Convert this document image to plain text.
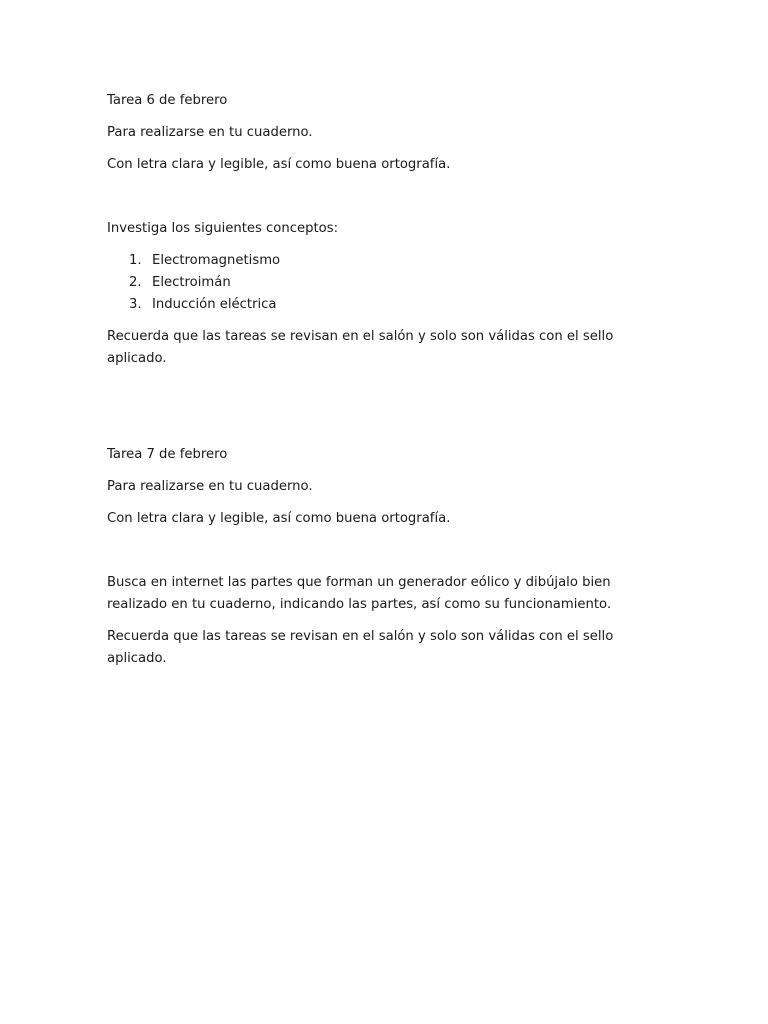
Tarea 6 de febrero

Para realizarse en tu cuaderno.

Con letra clara y legible, así como buena ortografía.

Investiga los siguientes conceptos:

1. Electromagnetismo
2. Electroimán
3. Inducción eléctrica

Recuerda que las tareas se revisan en el salón y solo son válidas con el sello aplicado.

Tarea 7 de febrero

Para realizarse en tu cuaderno.

Con letra clara y legible, así como buena ortografía.

Busca en internet las partes que forman un generador eólico y dibújalo bien realizado en tu cuaderno, indicando las partes, así como su funcionamiento.

Recuerda que las tareas se revisan en el salón y solo son válidas con el sello aplicado.
